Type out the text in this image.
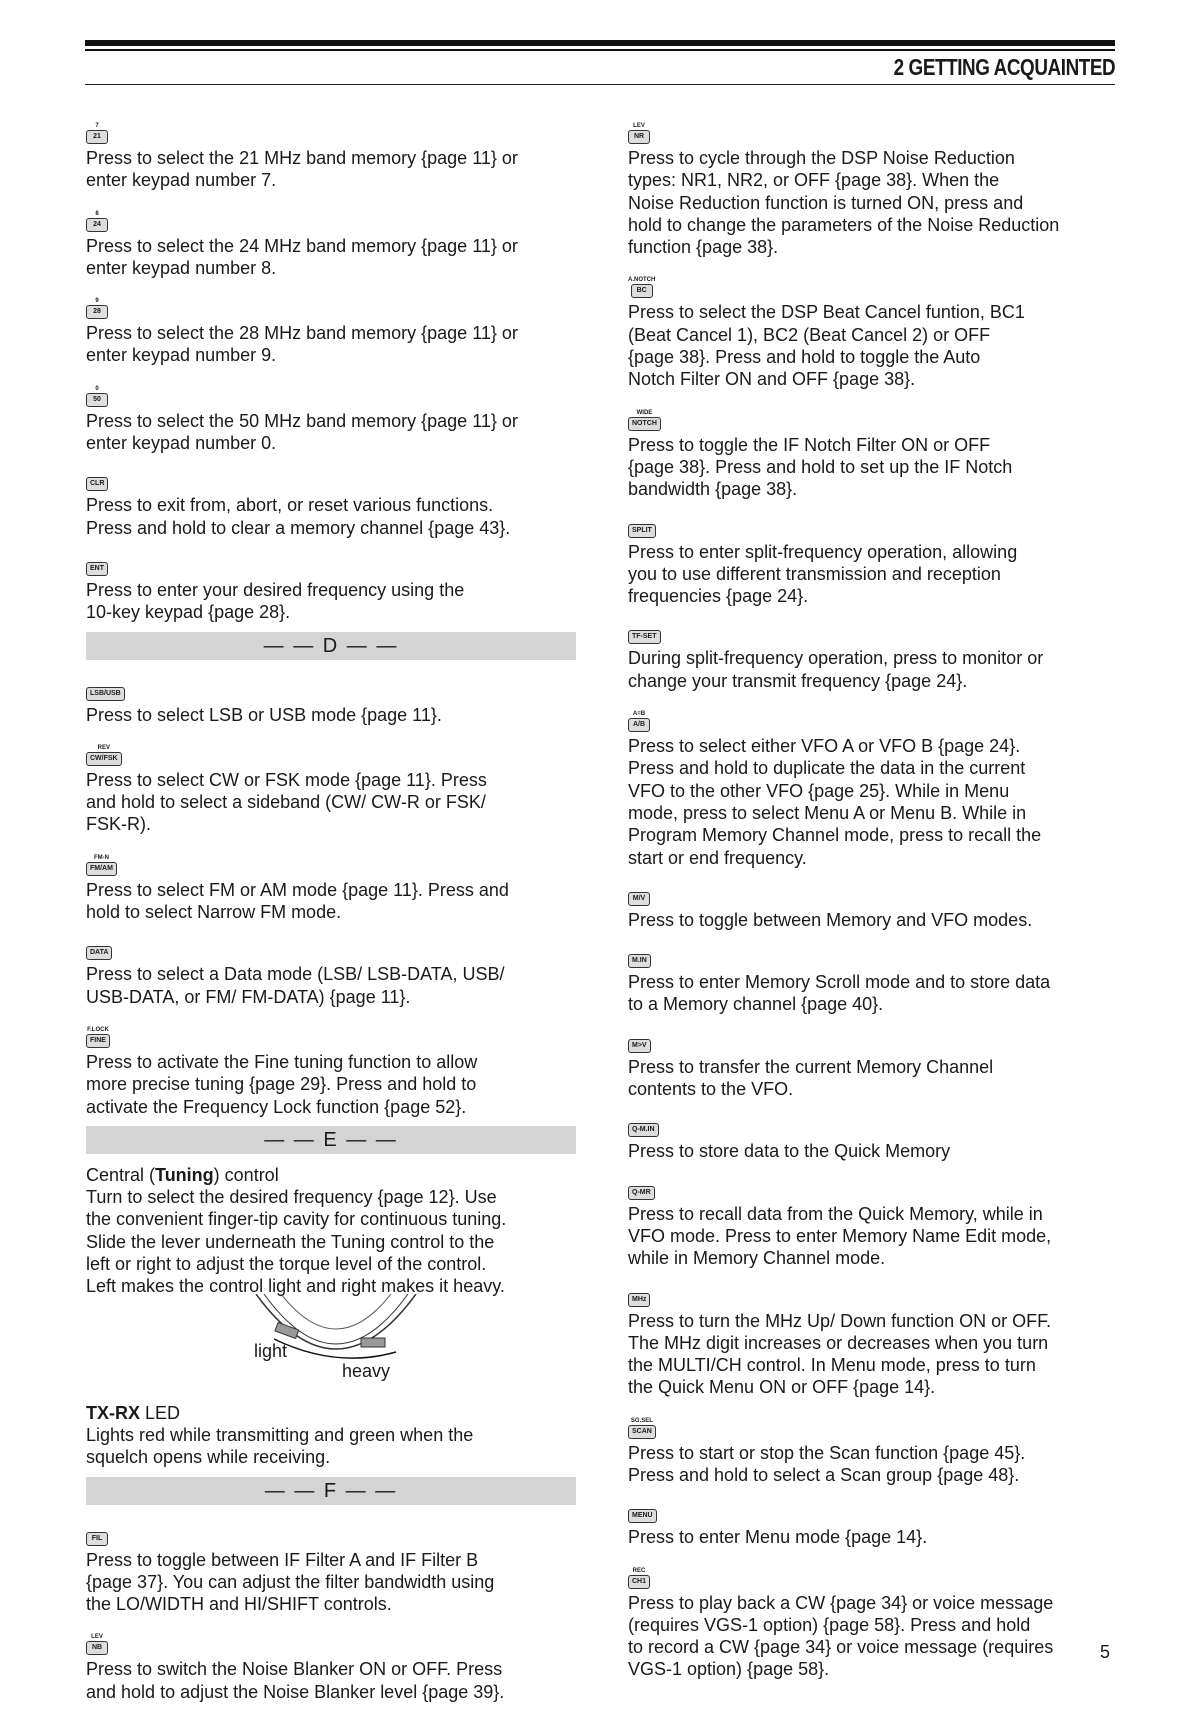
2 GETTING ACQUAINTED
$\frac{7}{21}$
Press to select the 21 MHz band memory {page 11} or
enter keypad number 7.
$\frac{8}{24}$
Press to select the 24 MHz band memory {page 11} or
enter keypad number 8.
$\frac{9}{28}$
Press to select the 28 MHz band memory {page 11} or
enter keypad number 9.
$\frac{0}{50}$
Press to select the 50 MHz band memory {page 11} or
enter keypad number 0.
CLR
Press to exit from, abort, or reset various functions.
Press and hold to clear a memory channel {page 43}.
ENT
Press to enter your desired frequency using the
10-key keypad {page 28}.
— — D — —
LSB/USB
Press to select LSB or USB mode {page 11}.
REV
CW/FSK
Press to select CW or FSK mode {page 11}. Press
and hold to select a sideband (CW/ CW-R or FSK/
FSK-R).
$\frac{FM-N}{FM/AM}$
Press to select FM or AM mode {page 11}. Press and
hold to select Narrow FM mode.
DATA
Press to select a Data mode (LSB/ LSB-DATA, USB/
USB-DATA, or FM/ FM-DATA) {page 11}.
F.LOCK
FINE
Press to activate the Fine tuning function to allow
more precise tuning {page 29}. Press and hold to
activate the Frequency Lock function {page 52}.
— — E — —
Central (Tuning) control
Turn to select the desired frequency {page 12}. Use
the convenient finger-tip cavity for continuous tuning.
Slide the lever underneath the Tuning control to the
left or right to adjust the torque level of the control.
Left makes the control light and right makes it heavy.
light
heavy
TX-RX LED
Lights red while transmitting and green when the
squelch opens while receiving.
— — F — —
FIL
Press to toggle between IF Filter A and IF Filter B
{page 37}. You can adjust the filter bandwidth using
the LO/WIDTH and HI/SHIFT controls.
LEV
NB
Press to switch the Noise Blanker ON or OFF. Press
and hold to adjust the Noise Blanker level {page 39}.
LEV
NR
Press to cycle through the DSP Noise Reduction
types: NR1, NR2, or OFF {page 38}. When the
Noise Reduction function is turned ON, press and
hold to change the parameters of the Noise Reduction
function {page 38}.
A.NOTCH
BC
Press to select the DSP Beat Cancel funtion, BC1
(Beat Cancel 1), BC2 (Beat Cancel 2) or OFF
{page 38}. Press and hold to toggle the Auto
Notch Filter ON and OFF {page 38}.
WIDE
NOTCH
Press to toggle the IF Notch Filter ON or OFF
{page 38}. Press and hold to set up the IF Notch
bandwidth {page 38}.
SPLIT
Press to enter split-frequency operation, allowing
you to use different transmission and reception
frequencies {page 24}.
TF-SET
During split-frequency operation, press to monitor or
change your transmit frequency {page 24}.
$\frac{A=B}{A/B}$
Press to select either VFO A or VFO B {page 24}.
Press and hold to duplicate the data in the current
VFO to the other VFO {page 25}. While in Menu
mode, press to select Menu A or Menu B. While in
Program Memory Channel mode, press to recall the
start or end frequency.
M/V
Press to toggle between Memory and VFO modes.
M.IN
Press to enter Memory Scroll mode and to store data
to a Memory channel {page 40}.
M>V
Press to transfer the current Memory Channel
contents to the VFO.
Q-M.IN
Press to store data to the Quick Memory
Q-MR
Press to recall data from the Quick Memory, while in
VFO mode. Press to enter Memory Name Edit mode,
while in Memory Channel mode.
MHz
Press to turn the MHz Up/ Down function ON or OFF.
The MHz digit increases or decreases when you turn
the MULTI/CH control. In Menu mode, press to turn
the Quick Menu ON or OFF {page 14}.
SG.SEL
SCAN
Press to start or stop the Scan function {page 45}.
Press and hold to select a Scan group {page 48}.
MENU
Press to enter Menu mode {page 14}.
REC
CH1
Press to play back a CW {page 34} or voice message
(requires VGS-1 option) {page 58}. Press and hold
to record a CW {page 34} or voice message (requires
VGS-1 option) {page 58}.
5
